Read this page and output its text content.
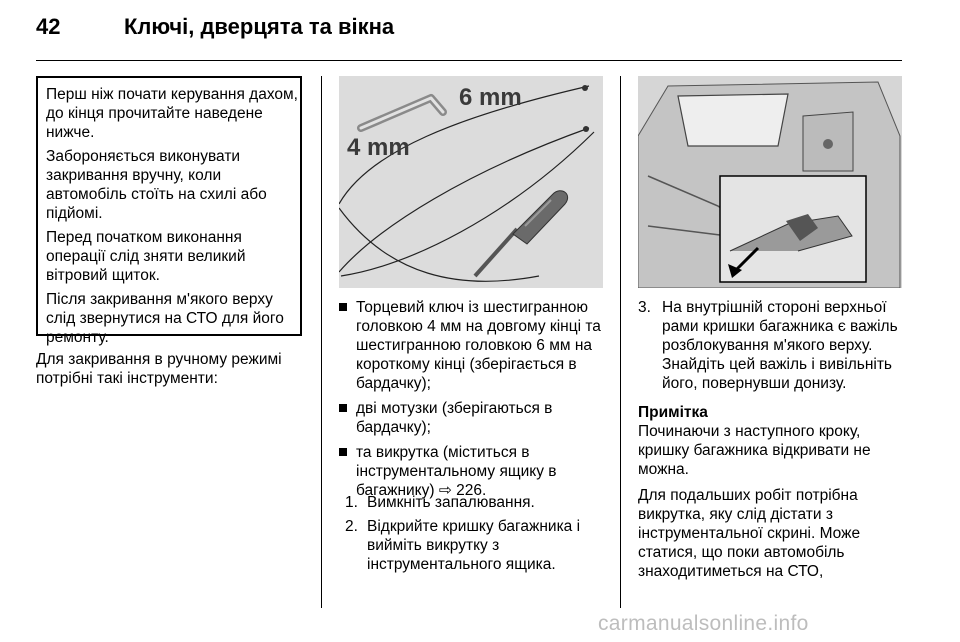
42	Ключі, дверцята та вікна

Перш ніж почати керування дахом, до кінця прочитайте наведене нижче.

Забороняється виконувати закривання вручну, коли автомобіль стоїть на схилі або підйомі.

Перед початком виконання операції слід зняти великий вітровий щиток.

Після закривання м'якого верху слід звернутися на СТО для його ремонту.

Для закривання в ручному режимі потрібні такі інструменти:

6 mm
4 mm
Торцевий ключ із шестигранною головкою 4 мм на довгому кінці та шестигранною головкою 6 мм на короткому кінці (зберігається в бардачку);
дві мотузки (зберігаються в бардачку);
та викрутка (міститься в інструментальному ящику в багажнику) ⇨ 226.
1. Вимкніть запалювання.
2. Відкрийте кришку багажника і вийміть викрутку з інструментального ящика.
3. На внутрішній стороні верхньої рами кришки багажника є важіль розблокування м'якого верху. Знайдіть цей важіль і вивільніть його, повернувши донизу.
Примітка

Починаючи з наступного кроку, кришку багажника відкривати не можна.

Для подальших робіт потрібна викрутка, яку слід дістати з інструментальної скрині. Може статися, що поки автомобіль знаходитиметься на СТО,

carmanualsonline.info
